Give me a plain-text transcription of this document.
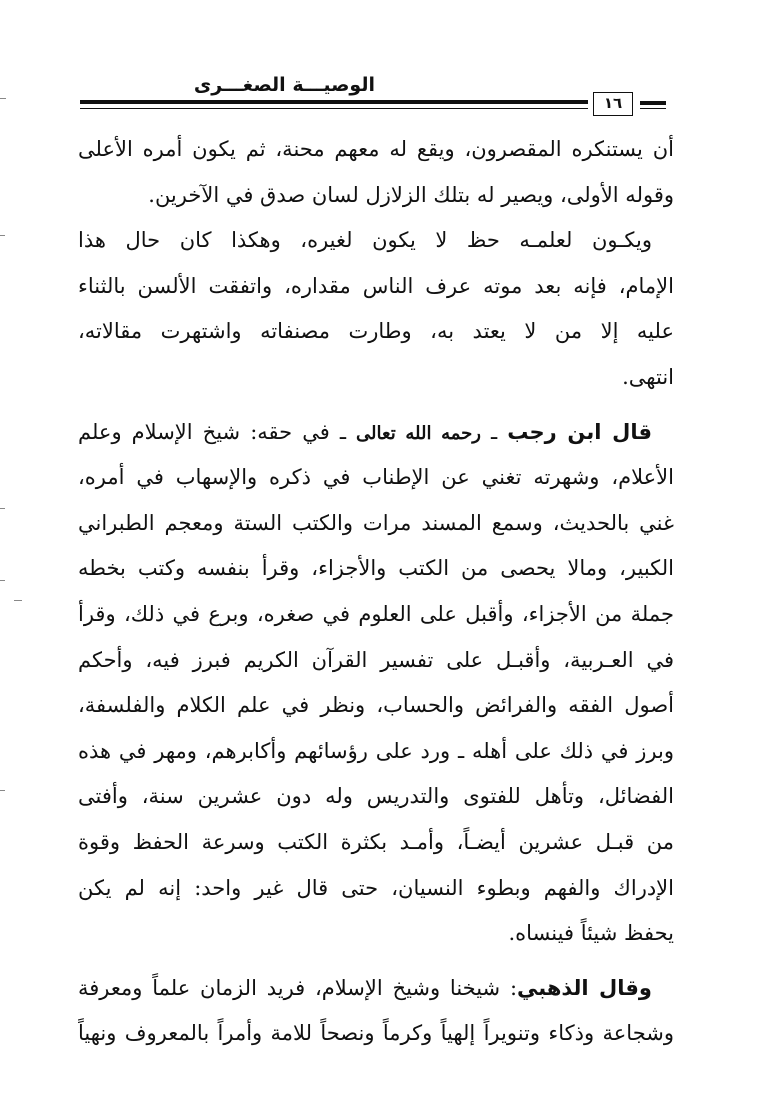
الوصيـــة الصغـــرى
١٦
أن يستنكره المقصرون، ويقع له معهم محنة، ثم يكون أمره الأعلى
وقوله الأولى، ويصير له بتلك الزلازل لسان صدق في الآخرين.
ويكـون لعلمـه حظ لا يكون لغيره، وهكذا كان حال هذا
الإمام، فإنه بعد موته عرف الناس مقداره، واتفقت الألسن بالثناء
عليه إلا من لا يعتد به، وطارت مصنفاته واشتهرت مقالاته،
انتهى.
قال ابن رجب ـ رحمه الله تعالى ـ في حقه: شيخ الإسلام وعلم
الأعلام، وشهرته تغني عن الإطناب في ذكره والإسهاب في أمره،
غني بالحديث، وسمع المسند مرات والكتب الستة ومعجم الطبراني
الكبير، ومالا يحصى من الكتب والأجزاء، وقرأ بنفسه وكتب بخطه
جملة من الأجزاء، وأقبل على العلوم في صغره، وبرع في ذلك، وقرأ
في العـربية، وأقبـل على تفسير القرآن الكريم فبرز فيه، وأحكم
أصول الفقه والفرائض والحساب، ونظر في علم الكلام والفلسفة،
وبرز في ذلك على أهله ـ ورد على رؤسائهم وأكابرهم، ومهر في هذه
الفضائل، وتأهل للفتوى والتدريس وله دون عشرين سنة، وأفتى
من قبـل عشرين أيضـاً، وأمـد بكثرة الكتب وسرعة الحفظ وقوة
الإدراك والفهم وبطوء النسيان، حتى قال غير واحد: إنه لم يكن
يحفظ شيئاً فينساه.
وقال الذهبي: شيخنا وشيخ الإسلام، فريد الزمان علماً ومعرفة
وشجاعة وذكاء وتنويراً إلهياً وكرماً ونصحاً للامة وأمراً بالمعروف ونهياً
